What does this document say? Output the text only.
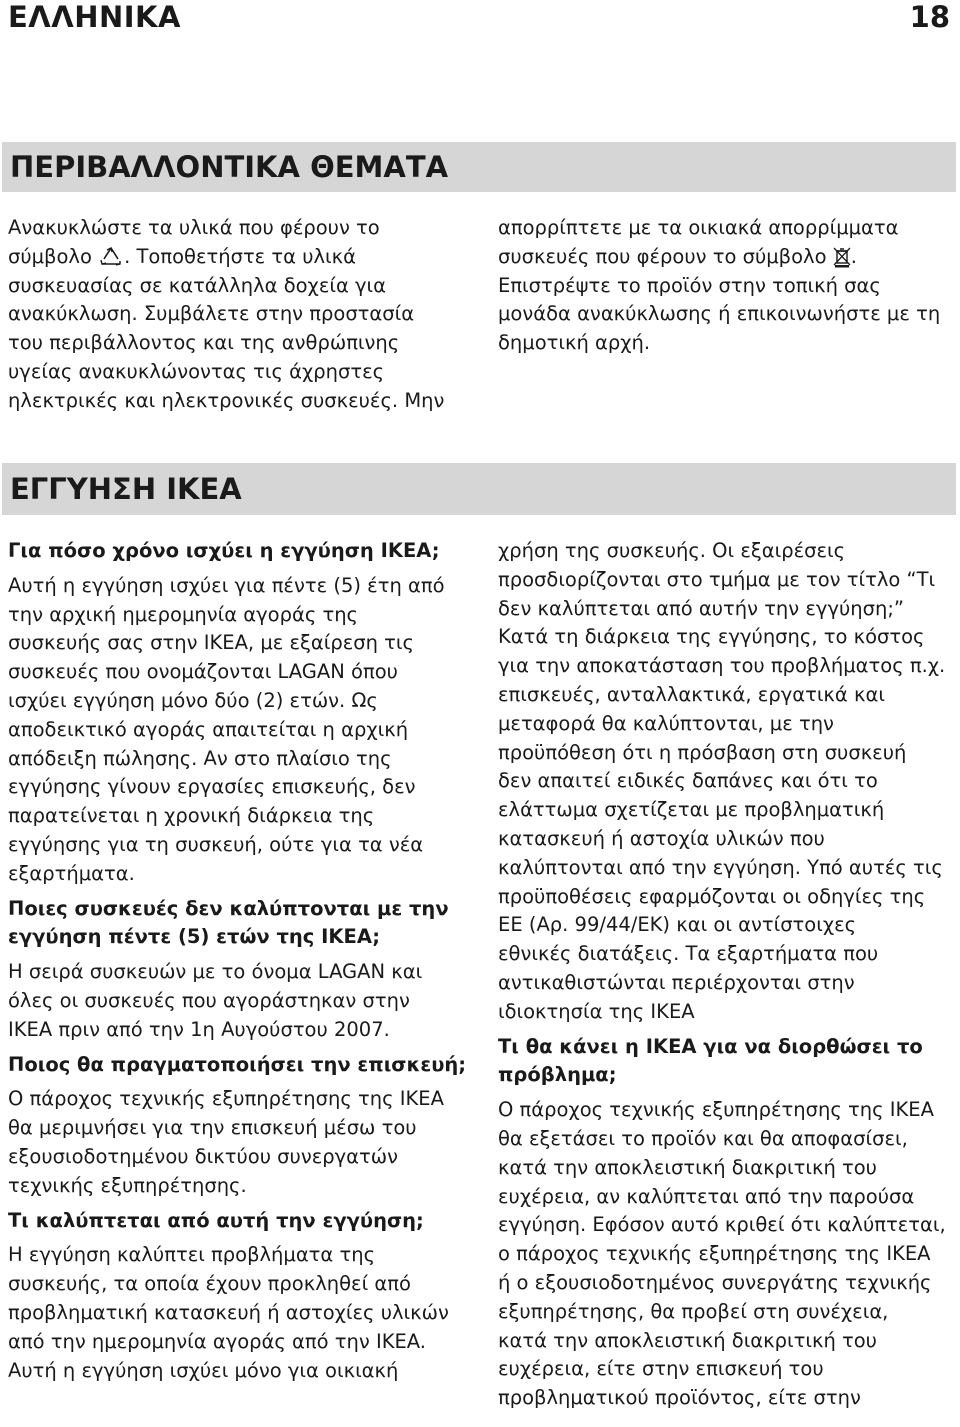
ΕΛΛΗΝΙΚΑ	18
ΠΕΡΙΒΑΛΛΟΝΤΙΚΑ ΘΕΜΑΤΑ
Ανακυκλώστε τα υλικά που φέρουν το
σύμβολο . Τοποθετήστε τα υλικά
συσκευασίας σε κατάλληλα δοχεία για
ανακύκλωση. Συμβάλετε στην προστασία
του περιβάλλοντος και της ανθρώπινης
υγείας ανακυκλώνοντας τις άχρηστες
ηλεκτρικές και ηλεκτρονικές συσκευές. Μην
απορρίπτετε με τα οικιακά απορρίμματα
συσκευές που φέρουν το σύμβολο .
Επιστρέψτε το προϊόν στην τοπική σας
μονάδα ανακύκλωσης ή επικοινωνήστε με τη
δημοτική αρχή.
ΕΓΓΥΗΣΗ IKEA
Για πόσο χρόνο ισχύει η εγγύηση IKEA;
Αυτή η εγγύηση ισχύει για πέντε (5) έτη από
την αρχική ημερομηνία αγοράς της
συσκευής σας στην IKEA, με εξαίρεση τις
συσκευές που ονομάζονται LAGAN όπου
ισχύει εγγύηση μόνο δύο (2) ετών. Ως
αποδεικτικό αγοράς απαιτείται η αρχική
απόδειξη πώλησης. Αν στο πλαίσιο της
εγγύησης γίνουν εργασίες επισκευής, δεν
παρατείνεται η χρονική διάρκεια της
εγγύησης για τη συσκευή, ούτε για τα νέα
εξαρτήματα.
Ποιες συσκευές δεν καλύπτονται με την
εγγύηση πέντε (5) ετών της IKEA;
Η σειρά συσκευών με το όνομα LAGAN και
όλες οι συσκευές που αγοράστηκαν στην
IKEA πριν από την 1η Αυγούστου 2007.
Ποιος θα πραγματοποιήσει την επισκευή;
Ο πάροχος τεχνικής εξυπηρέτησης της IKEA
θα μεριμνήσει για την επισκευή μέσω του
εξουσιοδοτημένου δικτύου συνεργατών
τεχνικής εξυπηρέτησης.
Τι καλύπτεται από αυτή την εγγύηση;
Η εγγύηση καλύπτει προβλήματα της
συσκευής, τα οποία έχουν προκληθεί από
προβληματική κατασκευή ή αστοχίες υλικών
από την ημερομηνία αγοράς από την IKEA.
Αυτή η εγγύηση ισχύει μόνο για οικιακή
χρήση της συσκευής. Οι εξαιρέσεις
προσδιορίζονται στο τμήμα με τον τίτλο “Τι
δεν καλύπτεται από αυτήν την εγγύηση;”
Κατά τη διάρκεια της εγγύησης, το κόστος
για την αποκατάσταση του προβλήματος π.χ.
επισκευές, ανταλλακτικά, εργατικά και
μεταφορά θα καλύπτονται, με την
προϋπόθεση ότι η πρόσβαση στη συσκευή
δεν απαιτεί ειδικές δαπάνες και ότι το
ελάττωμα σχετίζεται με προβληματική
κατασκευή ή αστοχία υλικών που
καλύπτονται από την εγγύηση. Υπό αυτές τις
προϋποθέσεις εφαρμόζονται οι οδηγίες της
ΕΕ (Αρ. 99/44/ΕΚ) και οι αντίστοιχες
εθνικές διατάξεις. Τα εξαρτήματα που
αντικαθιστώνται περιέρχονται στην
ιδιοκτησία της IKEA
Τι θα κάνει η IKEA για να διορθώσει το
πρόβλημα;
Ο πάροχος τεχνικής εξυπηρέτησης της IKEA
θα εξετάσει το προϊόν και θα αποφασίσει,
κατά την αποκλειστική διακριτική του
ευχέρεια, αν καλύπτεται από την παρούσα
εγγύηση. Εφόσον αυτό κριθεί ότι καλύπτεται,
ο πάροχος τεχνικής εξυπηρέτησης της IKEA
ή ο εξουσιοδοτημένος συνεργάτης τεχνικής
εξυπηρέτησης, θα προβεί στη συνέχεια,
κατά την αποκλειστική διακριτική του
ευχέρεια, είτε στην επισκευή του
προβληματικού προϊόντος, είτε στην
